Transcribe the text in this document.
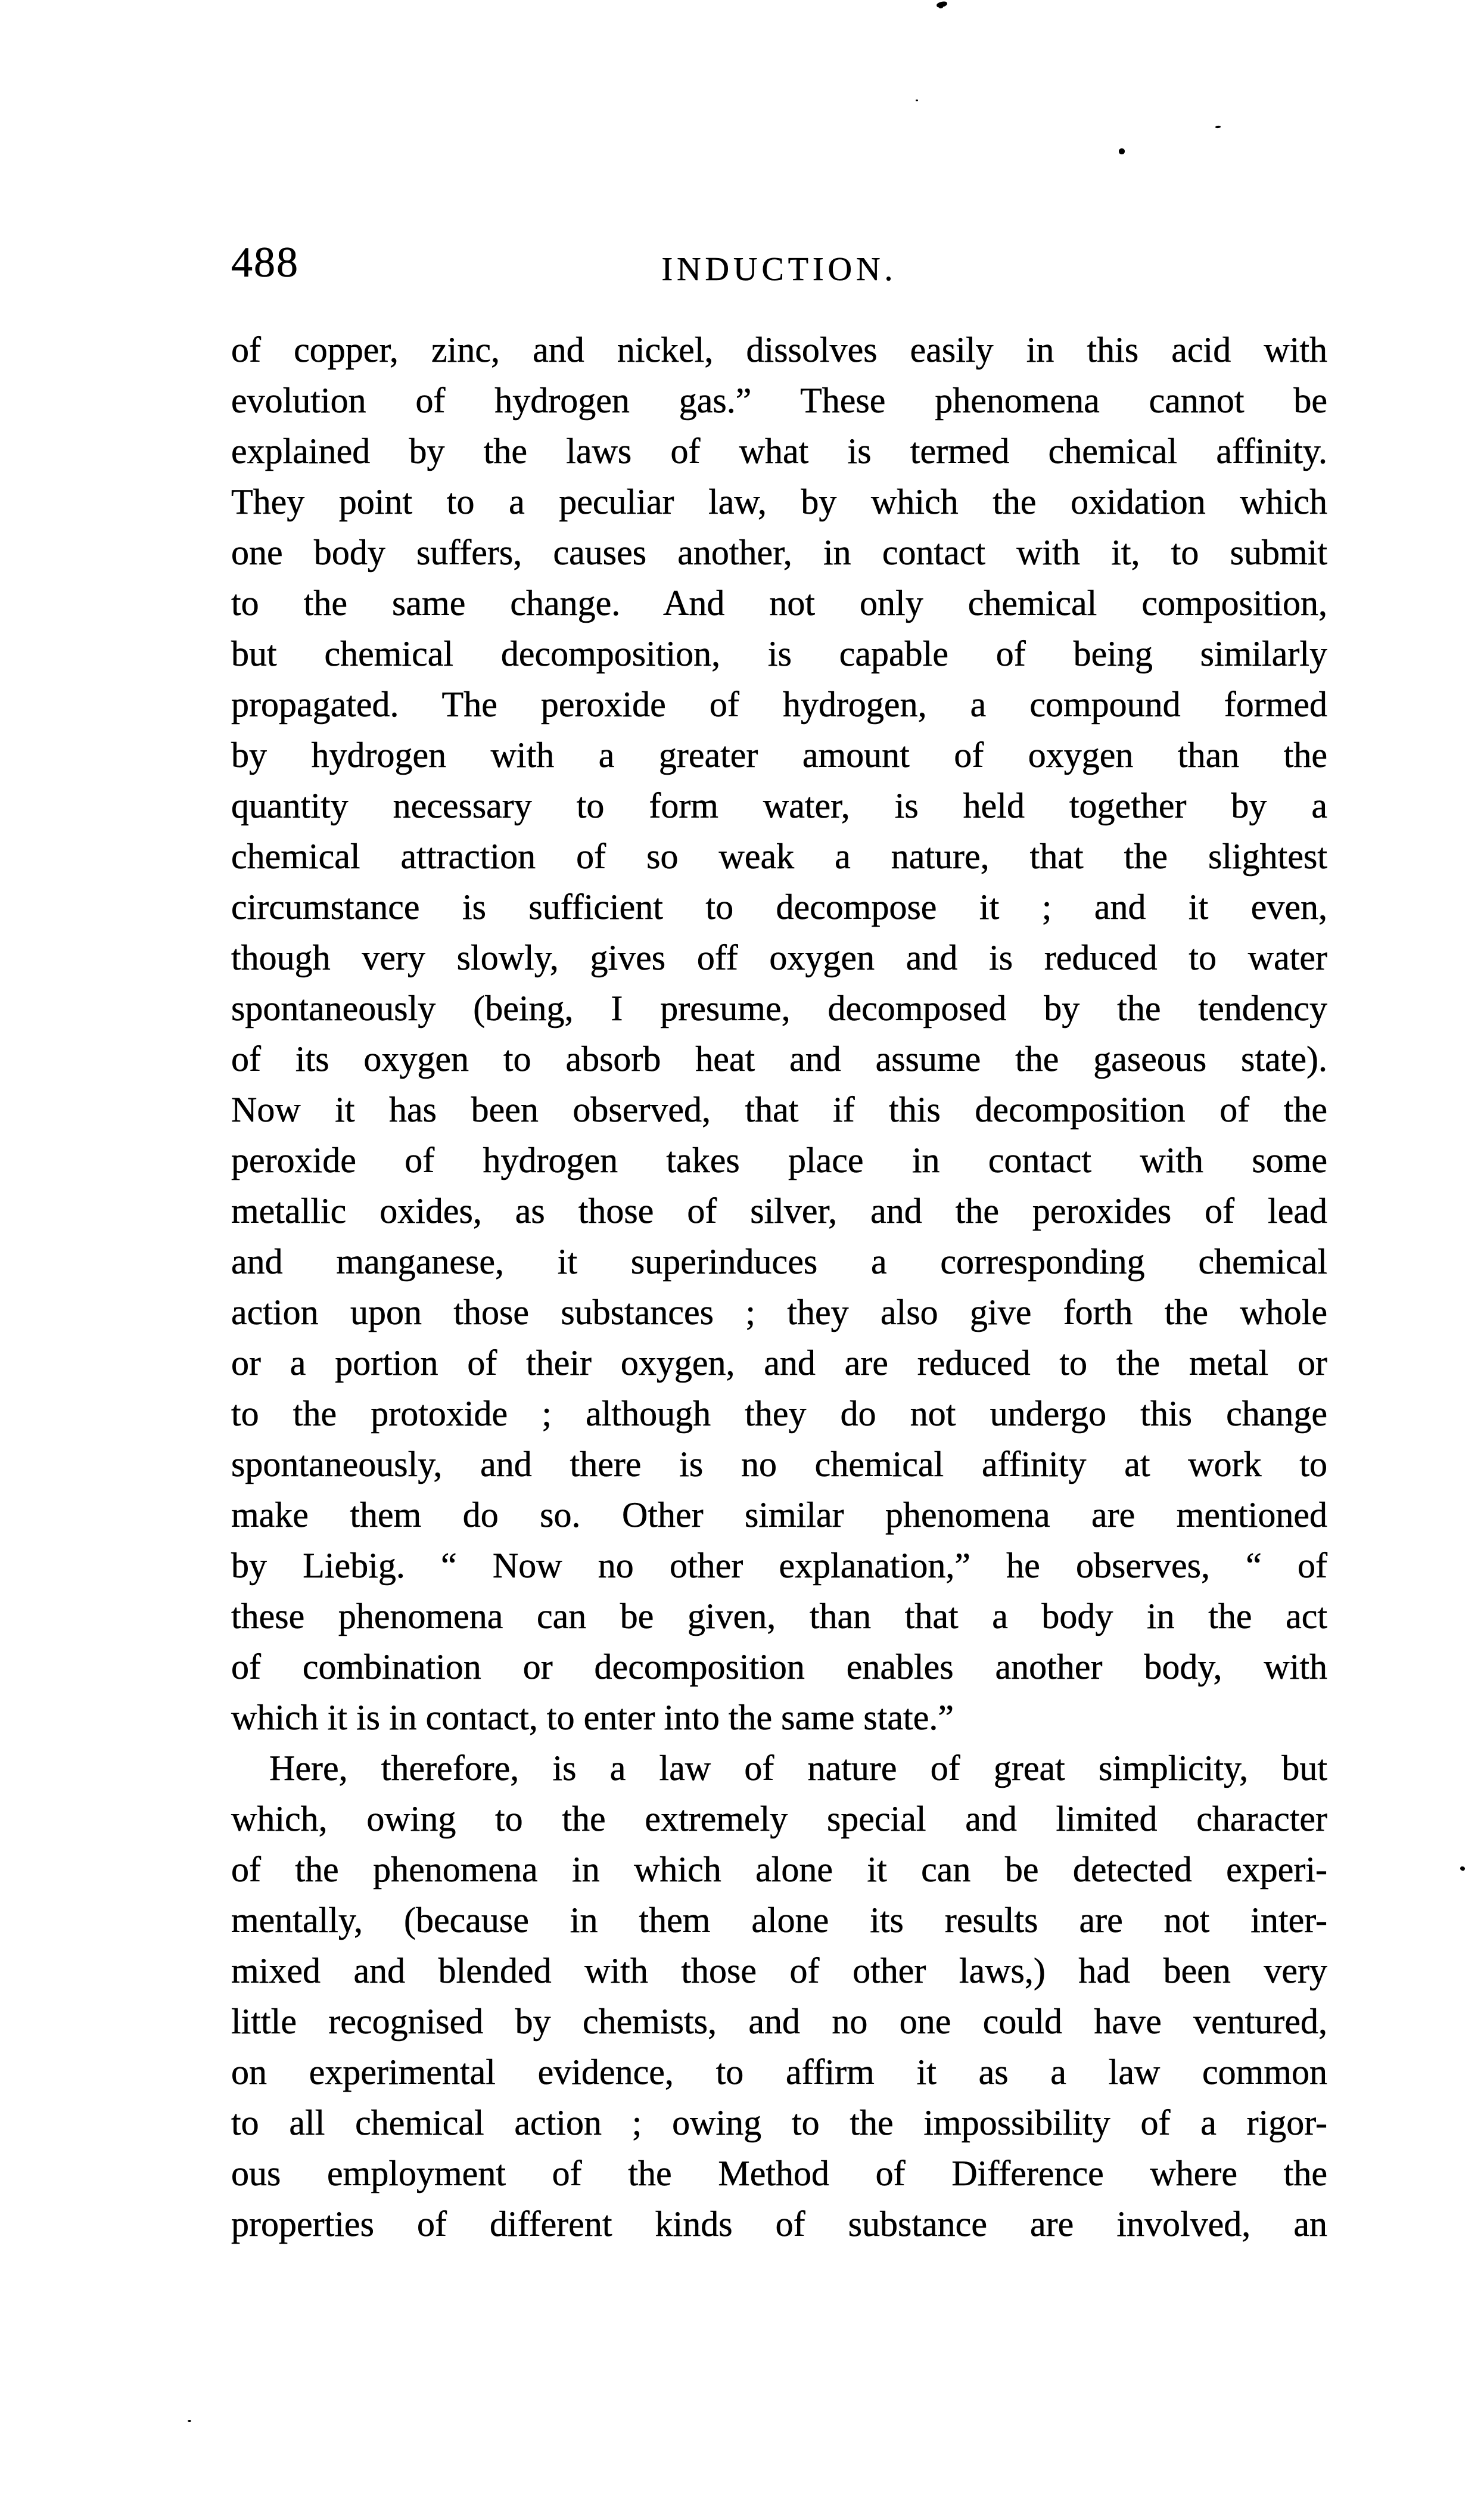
488	INDUCTION.
of copper, zinc, and nickel, dissolves easily in this acid with
evolution of hydrogen gas.” These phenomena cannot be
explained by the laws of what is termed chemical affinity.
They point to a peculiar law, by which the oxidation which
one body suffers, causes another, in contact with it, to submit
to the same change. And not only chemical composition,
but chemical decomposition, is capable of being similarly
propagated. The peroxide of hydrogen, a compound formed
by hydrogen with a greater amount of oxygen than the
quantity necessary to form water, is held together by a
chemical attraction of so weak a nature, that the slightest
circumstance is sufficient to decompose it ; and it even,
though very slowly, gives off oxygen and is reduced to water
spontaneously (being, I presume, decomposed by the tendency
of its oxygen to absorb heat and assume the gaseous state).
Now it has been observed, that if this decomposition of the
peroxide of hydrogen takes place in contact with some
metallic oxides, as those of silver, and the peroxides of lead
and manganese, it superinduces a corresponding chemical
action upon those substances ; they also give forth the whole
or a portion of their oxygen, and are reduced to the metal or
to the protoxide ; although they do not undergo this change
spontaneously, and there is no chemical affinity at work to
make them do so. Other similar phenomena are mentioned
by Liebig. “ Now no other explanation,” he observes, “ of
these phenomena can be given, than that a body in the act
of combination or decomposition enables another body, with
which it is in contact, to enter into the same state.”
Here, therefore, is a law of nature of great simplicity, but
which, owing to the extremely special and limited character
of the phenomena in which alone it can be detected experi-
mentally, (because in them alone its results are not inter-
mixed and blended with those of other laws,) had been very
little recognised by chemists, and no one could have ventured,
on experimental evidence, to affirm it as a law common
to all chemical action ; owing to the impossibility of a rigor-
ous employment of the Method of Difference where the
properties of different kinds of substance are involved, an
